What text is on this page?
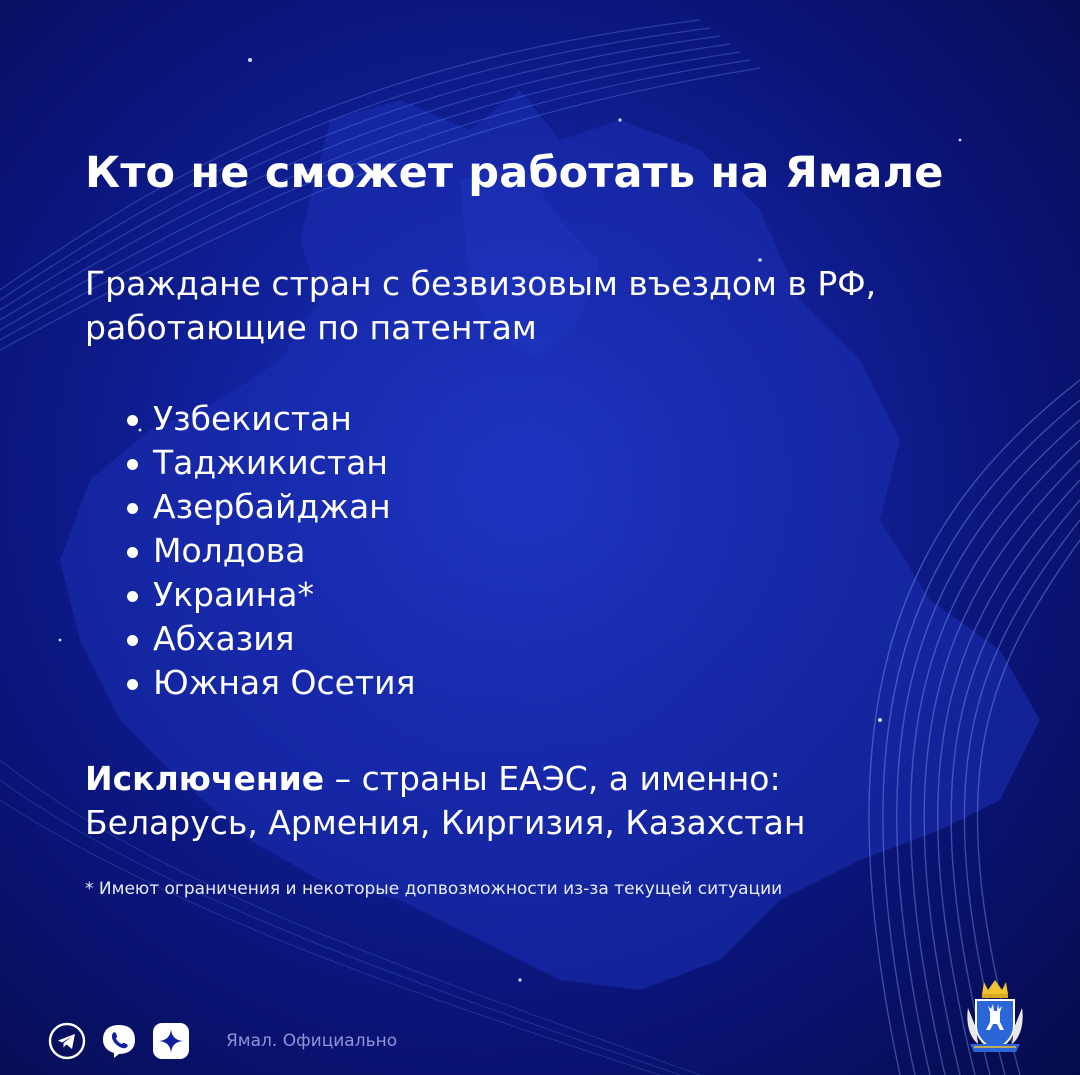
Кто не сможет работать на Ямале
Граждане стран с безвизовым въездом в РФ,
работающие по патентам
Узбекистан
Таджикистан
Азербайджан
Молдова
Украина*
Абхазия
Южная Осетия
Исключение – страны ЕАЭС, а именно:
Беларусь, Армения, Киргизия, Казахстан
* Имеют ограничения и некоторые допвозможности из-за текущей ситуации
Ямал. Официально
